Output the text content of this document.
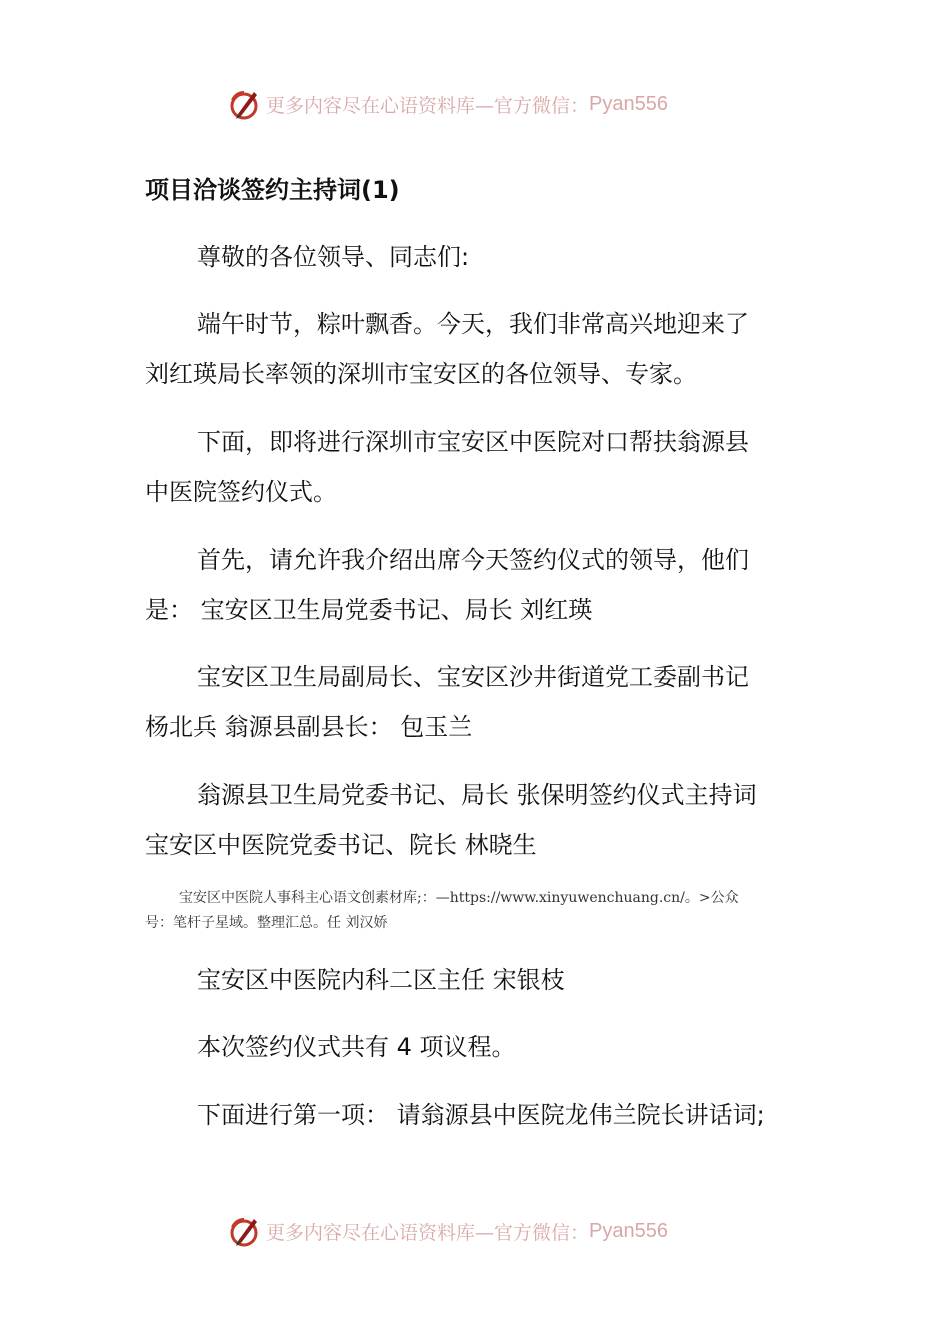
更多内容尽在心语资料库—官方微信： Pyan556
项目洽谈签约主持词(1)
尊敬的各位领导、同志们:
端午时节，粽叶飘香。今天，我们非常高兴地迎来了
刘红瑛局长率领的深圳市宝安区的各位领导、专家。
下面，即将进行深圳市宝安区中医院对口帮扶翁源县
中医院签约仪式。
首先，请允许我介绍出席今天签约仪式的领导，他们
是： 宝安区卫生局党委书记、局长 刘红瑛
宝安区卫生局副局长、宝安区沙井街道党工委副书记
杨北兵 翁源县副县长： 包玉兰
翁源县卫生局党委书记、局长 张保明签约仪式主持词
宝安区中医院党委书记、院长 林晓生
宝安区中医院人事科主心语文创素材库;：—https://www.xinyuwenchuang.cn/。>公众
号：笔杆子星域。整理汇总。任 刘汉娇
宝安区中医院内科二区主任 宋银枝
本次签约仪式共有 4 项议程。
下面进行第一项： 请翁源县中医院龙伟兰院长讲话词;
更多内容尽在心语资料库—官方微信： Pyan556
